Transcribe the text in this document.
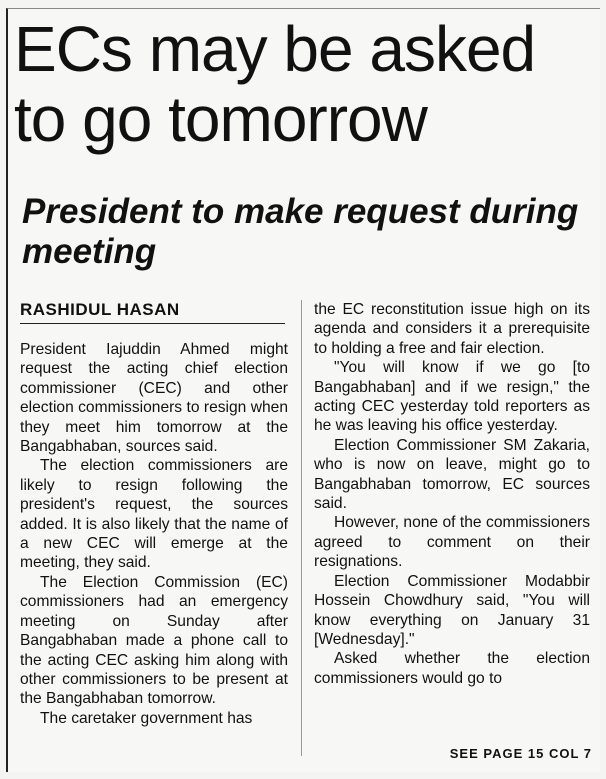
ECs may be asked to go tomorrow
President to make request during meeting
RASHIDUL HASAN

President Iajuddin Ahmed might request the acting chief election commissioner (CEC) and other election commissioners to resign when they meet him tomorrow at the Bangabhaban, sources said.

The election commissioners are likely to resign following the president's request, the sources added. It is also likely that the name of a new CEC will emerge at the meeting, they said.

The Election Commission (EC) commissioners had an emergency meeting on Sunday after Bangabhaban made a phone call to the acting CEC asking him along with other commissioners to be present at the Bangabhaban tomorrow.

The caretaker government has

the EC reconstitution issue high on its agenda and considers it a prerequisite to holding a free and fair election.

"You will know if we go [to Bangabhaban] and if we resign," the acting CEC yesterday told reporters as he was leaving his office yesterday.

Election Commissioner SM Zakaria, who is now on leave, might go to Bangabhaban tomorrow, EC sources said.

However, none of the commissioners agreed to comment on their resignations.

Election Commissioner Modabbir Hossein Chowdhury said, "You will know everything on January 31 [Wednesday]."

Asked whether the election commissioners would go to

SEE PAGE 15 COL 7
